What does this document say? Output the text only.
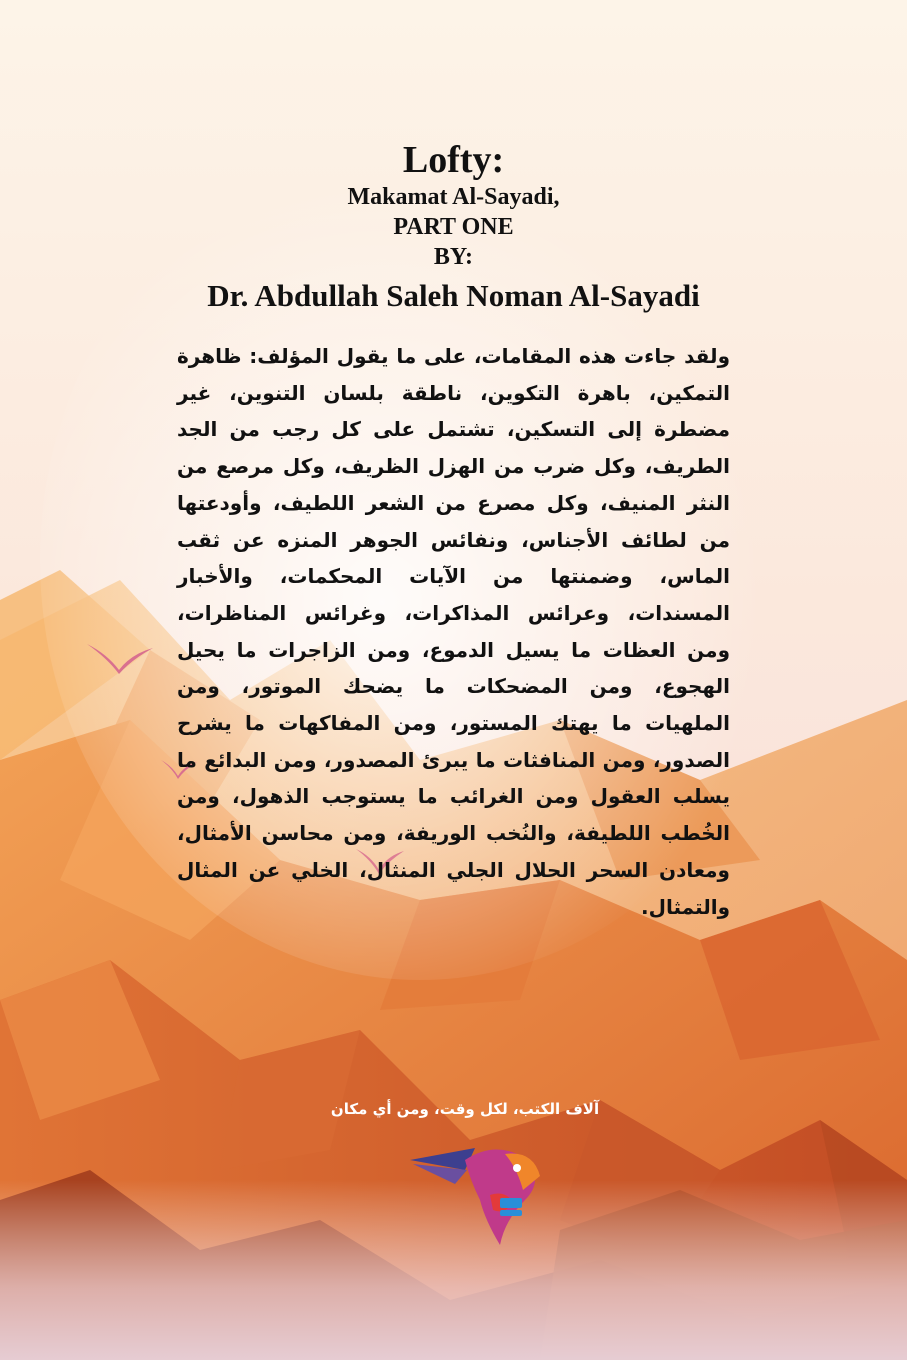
Lofty:
Makamat Al-Sayadi,
PART ONE
BY:
Dr. Abdullah Saleh Noman Al-Sayadi
ولقد جاءت هذه المقامات، على ما يقول المؤلف: ظاهرة التمكين، باهرة التكوين، ناطقة بلسان التنوين، غير مضطرة إلى التسكين، تشتمل على كل رجب من الجد الطريف، وكل ضرب من الهزل الظريف، وكل مرصع من النثر المنيف، وكل مصرع من الشعر اللطيف، وأودعتها من لطائف الأجناس، ونفائس الجوهر المنزه عن ثقب الماس، وضمنتها من الآيات المحكمات، والأخبار المسندات، وعرائس المذاكرات، وغرائس المناظرات، ومن العظات ما يسيل الدموع، ومن الزاجرات ما يحيل الهجوع، ومن المضحكات ما يضحك الموتور، ومن الملهيات ما يهتك المستور، ومن المفاكهات ما يشرح الصدور، ومن المنافثات ما يبرئ المصدور، ومن البدائع ما يسلب العقول ومن الغرائب ما يستوجب الذهول، ومن الخُطب اللطيفة، والنُخب الوريفة، ومن محاسن الأمثال، ومعادن السحر الحلال الجلي المنثال، الخلي عن المثال والتمثال.
آلاف الكتب، لكل وقت، ومن أي مكان
